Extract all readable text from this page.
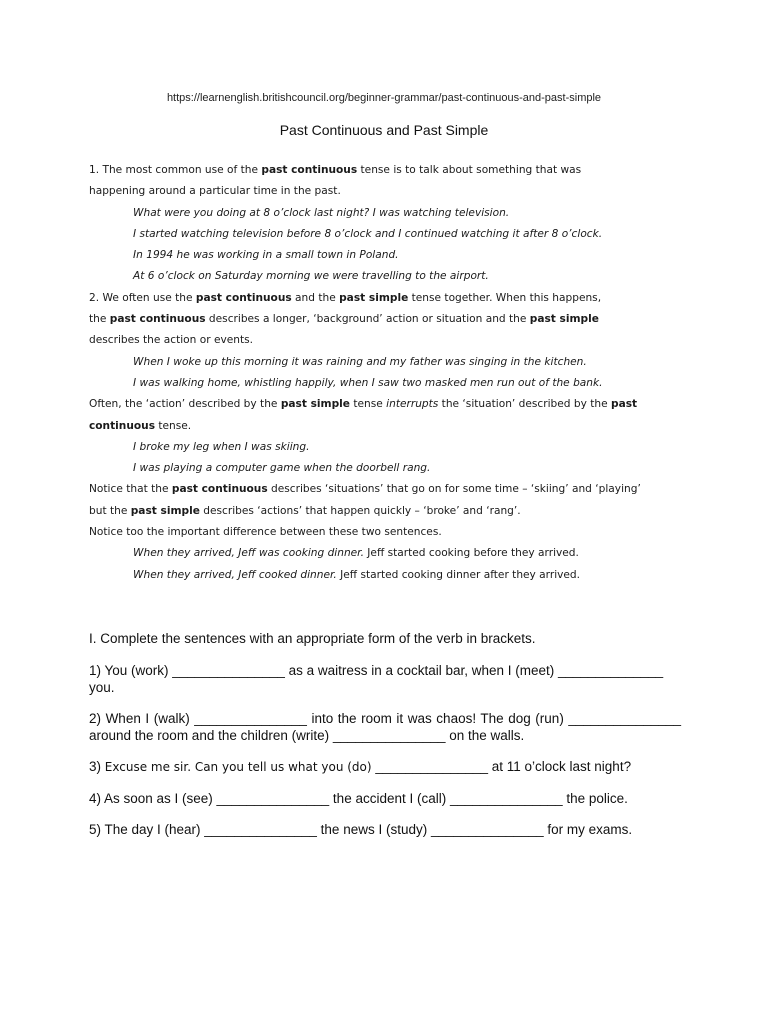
https://learnenglish.britishcouncil.org/beginner-grammar/past-continuous-and-past-simple
Past Continuous and Past Simple
1. The most common use of the past continuous tense is to talk about something that was
happening around a particular time in the past.
What were you doing at 8 o’clock last night? I was watching television.
I started watching television before 8 o’clock and I continued watching it after 8 o’clock.
In 1994 he was working in a small town in Poland.
At 6 o’clock on Saturday morning we were travelling to the airport.
2. We often use the past continuous and the past simple tense together. When this happens,
the past continuous describes a longer, ‘background’ action or situation and the past simple
describes the action or events.
When I woke up this morning it was raining and my father was singing in the kitchen.
I was walking home, whistling happily, when I saw two masked men run out of the bank.
Often, the ‘action’ described by the past simple tense interrupts the ‘situation’ described by the past
continuous tense.
I broke my leg when I was skiing.
I was playing a computer game when the doorbell rang.
Notice that the past continuous describes ‘situations’ that go on for some time – ‘skiing’ and ‘playing’
but the past simple describes ‘actions’ that happen quickly – ‘broke’ and ‘rang’.
Notice too the important difference between these two sentences.
When they arrived, Jeff was cooking dinner. Jeff started cooking before they arrived.
When they arrived, Jeff cooked dinner. Jeff started cooking dinner after they arrived.
I. Complete the sentences with an appropriate form of the verb in brackets.
1) You (work) _______________ as a waitress in a cocktail bar, when I (meet) ______________ you.
2) When I (walk) _______________ into the room it was chaos! The dog (run) _______________ around the room and the children (write) _______________ on the walls.
3) Excuse me sir. Can you tell us what you (do) _______________ at 11 o’clock last night?
4) As soon as I (see) _______________ the accident I (call) _______________ the police.
5) The day I (hear) _______________ the news I (study) _______________ for my exams.
